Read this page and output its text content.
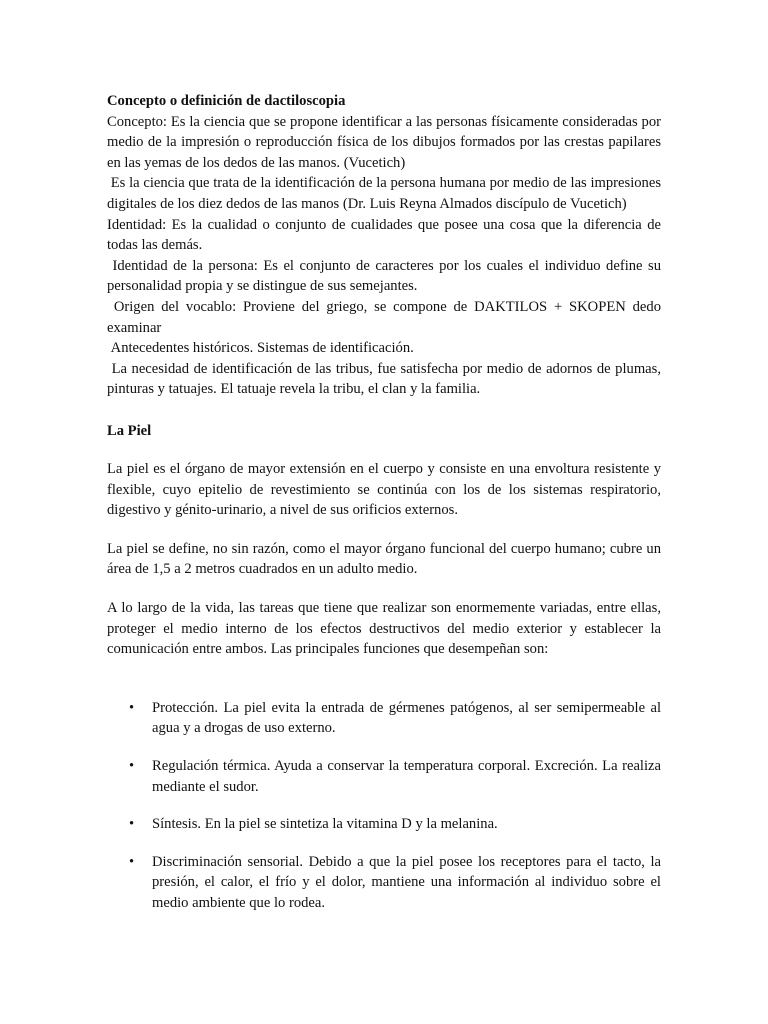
Concepto o definición de dactiloscopia

Concepto: Es la ciencia que se propone identificar a las personas físicamente consideradas por medio de la impresión o reproducción física de los dibujos formados por las crestas papilares en las yemas de los dedos de las manos. (Vucetich)

Es la ciencia que trata de la identificación de la persona humana por medio de las impresiones digitales de los diez dedos de las manos (Dr. Luis Reyna Almados discípulo de Vucetich)

Identidad: Es la cualidad o conjunto de cualidades que posee una cosa que la diferencia de todas las demás.

Identidad de la persona: Es el conjunto de caracteres por los cuales el individuo define su personalidad propia y se distingue de sus semejantes.

Origen del vocablo: Proviene del griego, se compone de DAKTILOS + SKOPEN dedo examinar

Antecedentes históricos. Sistemas de identificación.

La necesidad de identificación de las tribus, fue satisfecha por medio de adornos de plumas, pinturas y tatuajes. El tatuaje revela la tribu, el clan y la familia.

La Piel

La piel es el órgano de mayor extensión en el cuerpo y consiste en una envoltura resistente y flexible, cuyo epitelio de revestimiento se continúa con los de los sistemas respiratorio, digestivo y génito-urinario, a nivel de sus orificios externos.

La piel se define, no sin razón, como el mayor órgano funcional del cuerpo humano; cubre un área de 1,5 a 2 metros cuadrados en un adulto medio.

A lo largo de la vida, las tareas que tiene que realizar son enormemente variadas, entre ellas, proteger el medio interno de los efectos destructivos del medio exterior y establecer la comunicación entre ambos. Las principales funciones que desempeñan son:

• Protección. La piel evita la entrada de gérmenes patógenos, al ser semipermeable al agua y a drogas de uso externo.
• Regulación térmica. Ayuda a conservar la temperatura corporal. Excreción. La realiza mediante el sudor.
• Síntesis. En la piel se sintetiza la vitamina D y la melanina.
• Discriminación sensorial. Debido a que la piel posee los receptores para el tacto, la presión, el calor, el frío y el dolor, mantiene una información al individuo sobre el medio ambiente que lo rodea.
